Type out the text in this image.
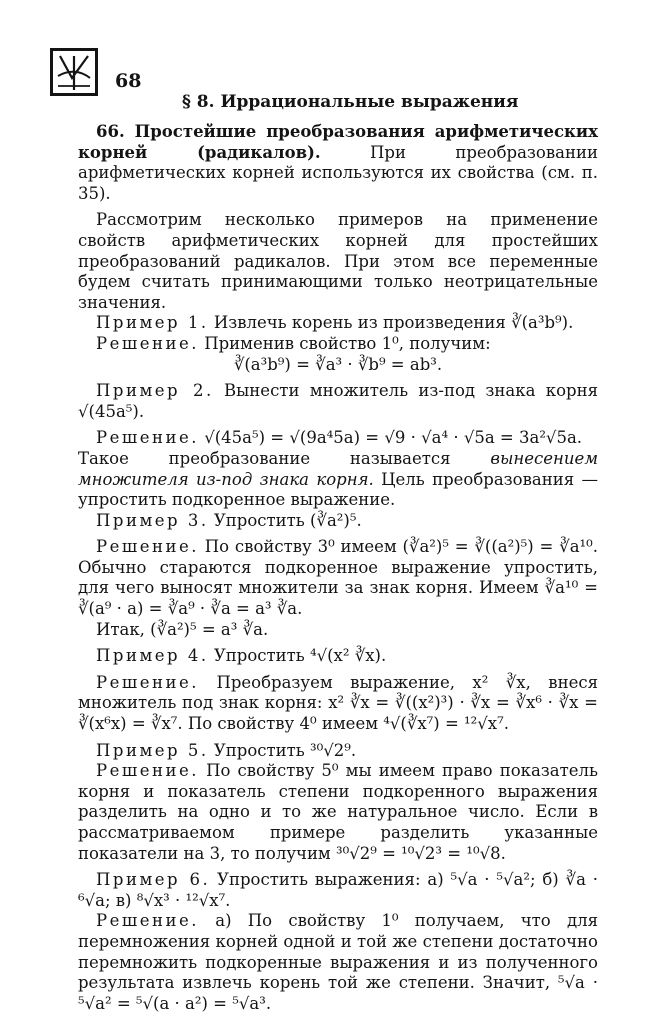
68
§ 8. Иррациональные выражения

66. Простейшие преобразования арифметических корней (радикалов). При преобразовании арифметических корней используются их свойства (см. п. 35).

Рассмотрим несколько примеров на применение свойств арифметических корней для простейших преобразований радикалов. При этом все переменные будем считать принимающими только неотрицательные значения.

Пример 1. Извлечь корень из произведения ∛(a³b⁹).

Решение. Применив свойство 1⁰, получим:

∛(a³b⁹) = ∛a³ · ∛b⁹ = ab³.

Пример 2. Вынести множитель из-под знака корня √(45a⁵).

Решение. √(45a⁵) = √(9a⁴5a) = √9 · √a⁴ · √5a = 3a²√5a.

Такое преобразование называется вынесением множителя из-под знака корня. Цель преобразования — упростить подкоренное выражение.

Пример 3. Упростить (∛a²)⁵.

Решение. По свойству 3⁰ имеем (∛a²)⁵ = ∛((a²)⁵) = ∛a¹⁰. Обычно стараются подкоренное выражение упростить, для чего выносят множители за знак корня. Имеем ∛a¹⁰ = ∛(a⁹ · a) = ∛a⁹ · ∛a = a³ ∛a.

Итак, (∛a²)⁵ = a³ ∛a.

Пример 4. Упростить ⁴√(x² ∛x).

Решение. Преобразуем выражение, x² ∛x, внеся множитель под знак корня: x² ∛x = ∛((x²)³) · ∛x = ∛x⁶ · ∛x = ∛(x⁶x) = ∛x⁷. По свойству 4⁰ имеем ⁴√(∛x⁷) = ¹²√x⁷.

Пример 5. Упростить ³⁰√2⁹.

Решение. По свойству 5⁰ мы имеем право показатель корня и показатель степени подкоренного выражения разделить на одно и то же натуральное число. Если в рассматриваемом примере разделить указанные показатели на 3, то получим ³⁰√2⁹ = ¹⁰√2³ = ¹⁰√8.

Пример 6. Упростить выражения: а) ⁵√a · ⁵√a²; б) ∛a · ⁶√a; в) ⁸√x³ · ¹²√x⁷.

Решение. а) По свойству 1⁰ получаем, что для перемножения корней одной и той же степени достаточно перемножить подкоренные выражения и из полученного результата извлечь корень той же степени. Значит, ⁵√a · ⁵√a² = ⁵√(a · a²) = ⁵√a³.
